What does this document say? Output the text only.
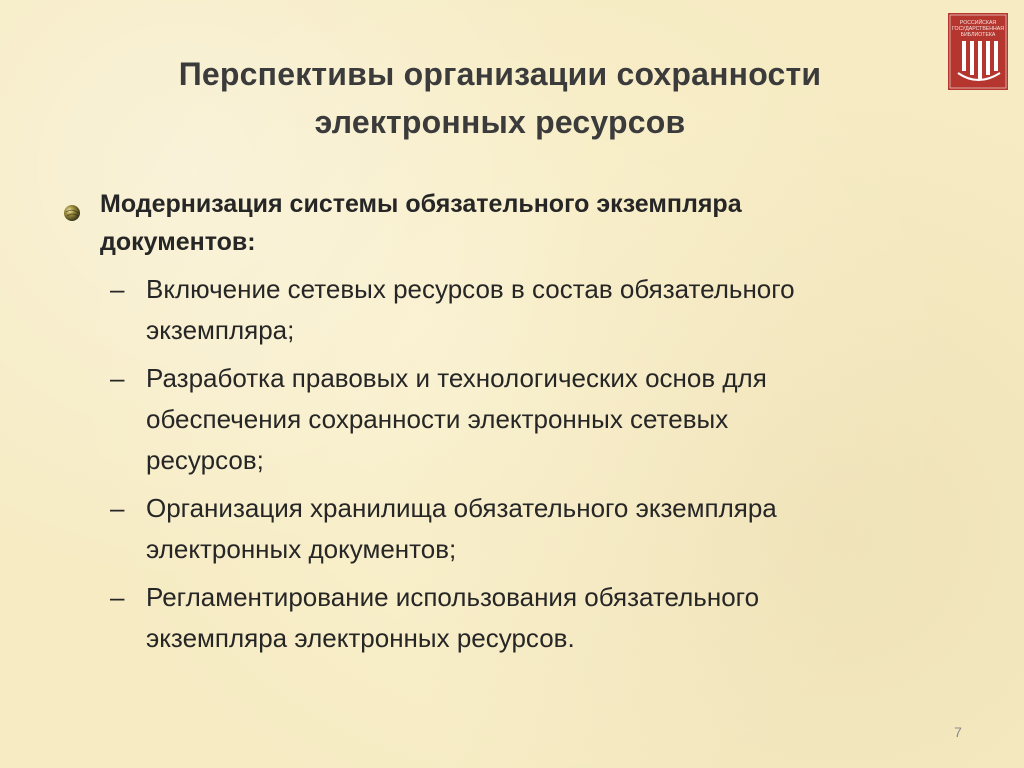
Перспективы организации сохранности
электронных ресурсов
РОССИЙСКАЯ
ГОСУДАРСТВЕННАЯ
БИБЛИОТЕКА
Модернизация системы обязательного экземпляра
документов:
– Включение сетевых ресурсов в состав обязательного
экземпляра;
– Разработка правовых и технологических основ для
обеспечения сохранности электронных сетевых
ресурсов;
– Организация хранилища обязательного экземпляра
электронных документов;
– Регламентирование использования обязательного
экземпляра электронных ресурсов.
7
